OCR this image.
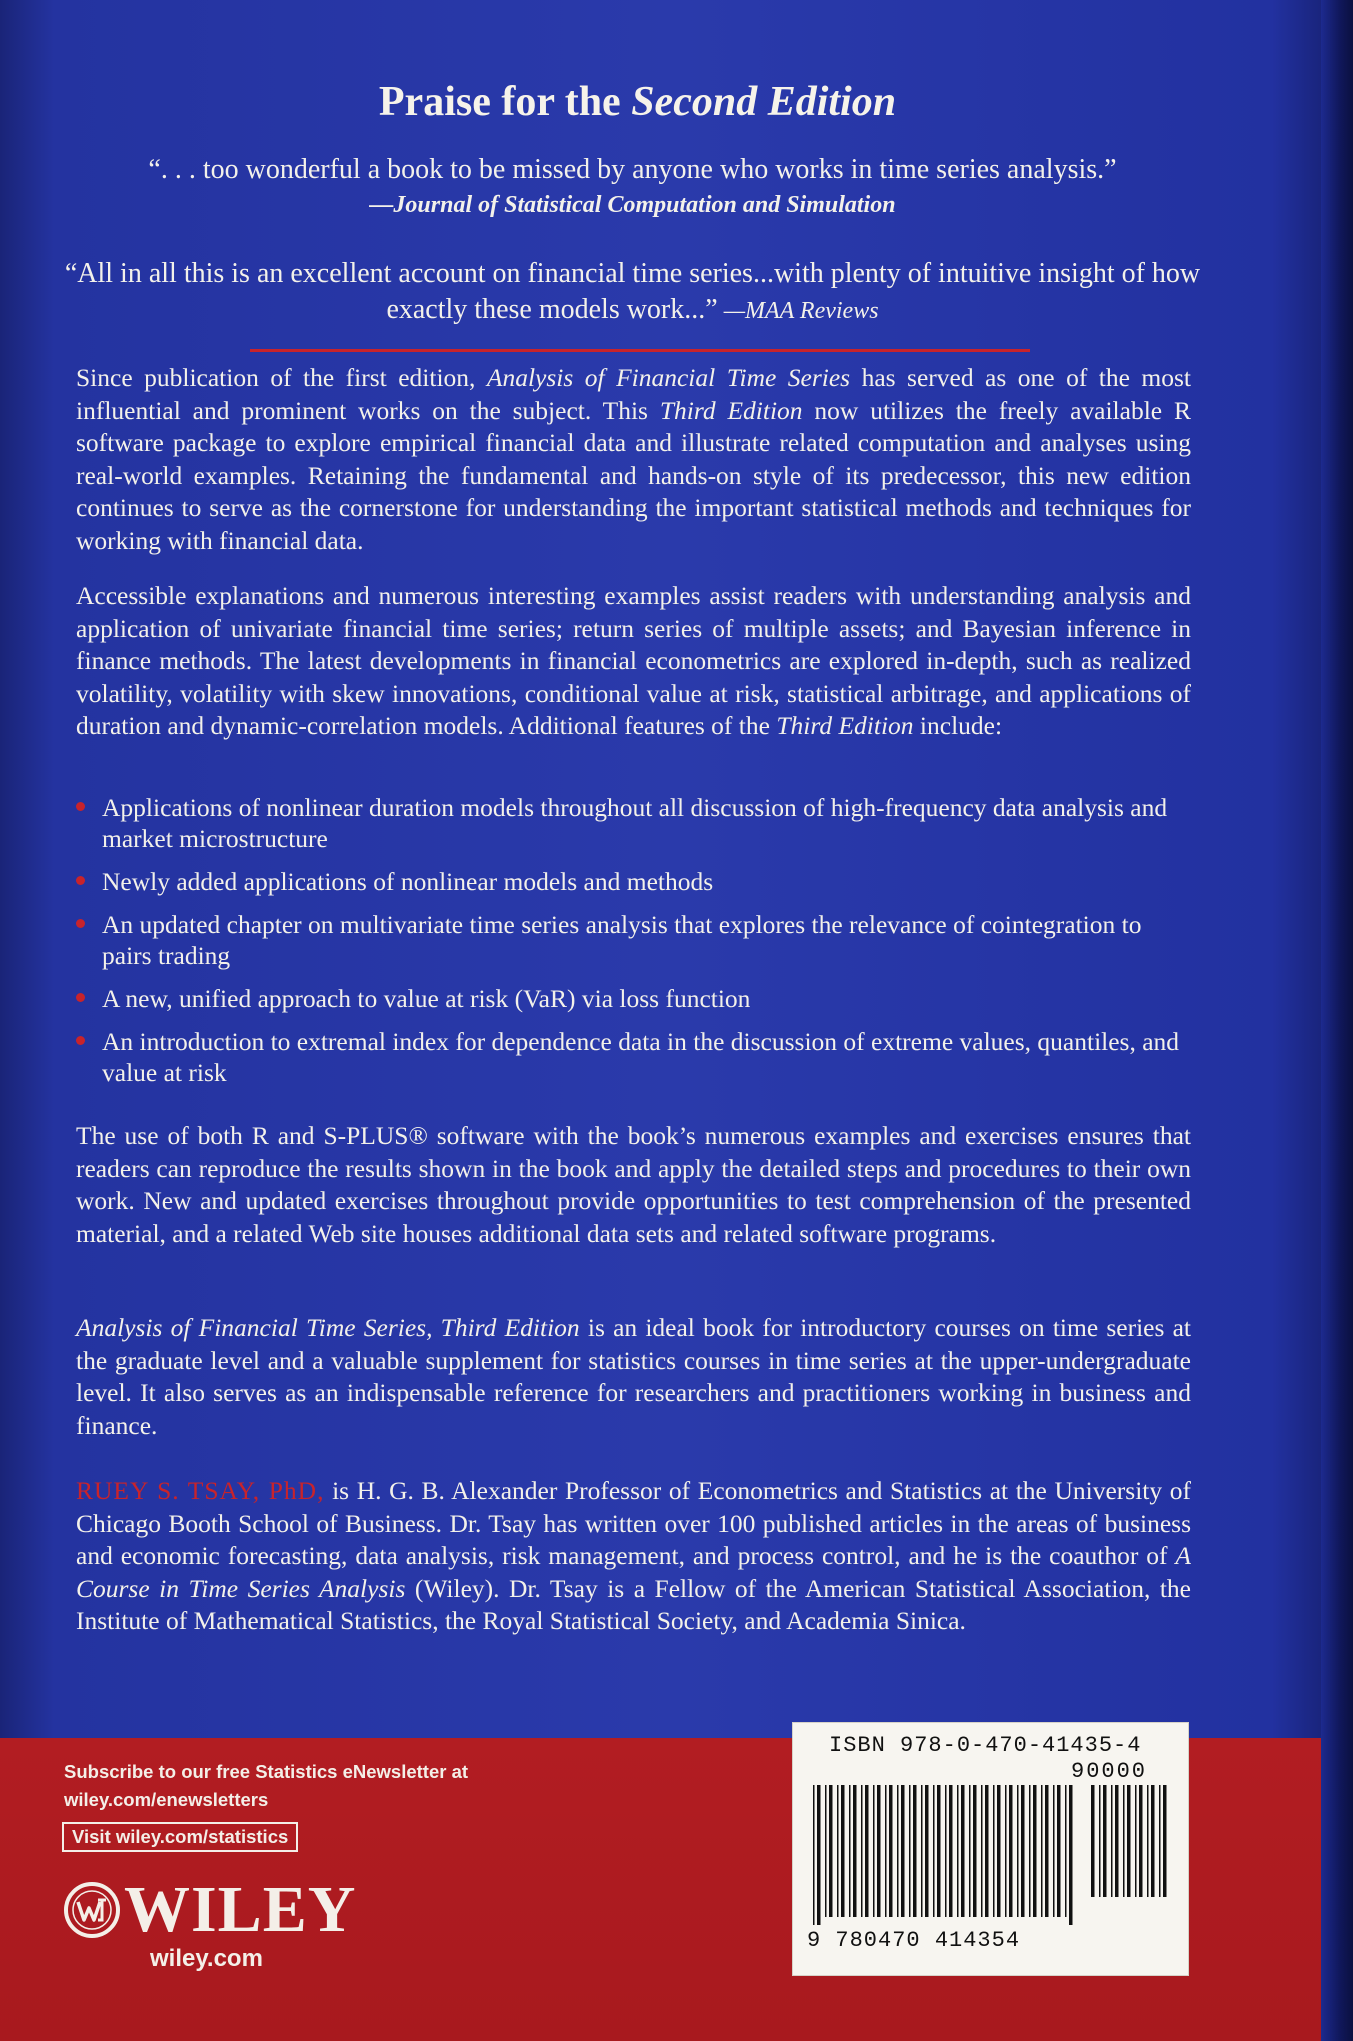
Praise for the Second Edition
“. . . too wonderful a book to be missed by anyone who works in time series analysis.”
—Journal of Statistical Computation and Simulation
“All in all this is an excellent account on financial time series...with plenty of intuitive insight of how exactly these models work...” —MAA Reviews
Since publication of the first edition, Analysis of Financial Time Series has served as one of the most influential and prominent works on the subject. This Third Edition now utilizes the freely available R software package to explore empirical financial data and illustrate related computation and analyses using real-world examples. Retaining the fundamental and hands-on style of its predecessor, this new edition continues to serve as the cornerstone for understanding the important statistical methods and techniques for working with financial data.
Accessible explanations and numerous interesting examples assist readers with understanding analysis and application of univariate financial time series; return series of multiple assets; and Bayesian inference in finance methods. The latest developments in financial econometrics are explored in-depth, such as realized volatility, volatility with skew innovations, conditional value at risk, statistical arbitrage, and applications of duration and dynamic-correlation models. Additional features of the Third Edition include:
Applications of nonlinear duration models throughout all discussion of high-frequency data analysis and market microstructure
Newly added applications of nonlinear models and methods
An updated chapter on multivariate time series analysis that explores the relevance of cointegration to pairs trading
A new, unified approach to value at risk (VaR) via loss function
An introduction to extremal index for dependence data in the discussion of extreme values, quantiles, and value at risk
The use of both R and S-PLUS® software with the book’s numerous examples and exercises ensures that readers can reproduce the results shown in the book and apply the detailed steps and procedures to their own work. New and updated exercises throughout provide opportunities to test comprehension of the presented material, and a related Web site houses additional data sets and related software programs.
Analysis of Financial Time Series, Third Edition is an ideal book for introductory courses on time series at the graduate level and a valuable supplement for statistics courses in time series at the upper-undergraduate level. It also serves as an indispensable reference for researchers and practitioners working in business and finance.
RUEY S. TSAY, PhD, is H. G. B. Alexander Professor of Econometrics and Statistics at the University of Chicago Booth School of Business. Dr. Tsay has written over 100 published articles in the areas of business and economic forecasting, data analysis, risk management, and process control, and he is the coauthor of A Course in Time Series Analysis (Wiley). Dr. Tsay is a Fellow of the American Statistical Association, the Institute of Mathematical Statistics, the Royal Statistical Society, and Academia Sinica.
Subscribe to our free Statistics eNewsletter at
wiley.com/enewsletters
Visit wiley.com/statistics
WILEY
wiley.com
ISBN 978-0-470-41435-4
90000
9 780470 414354
